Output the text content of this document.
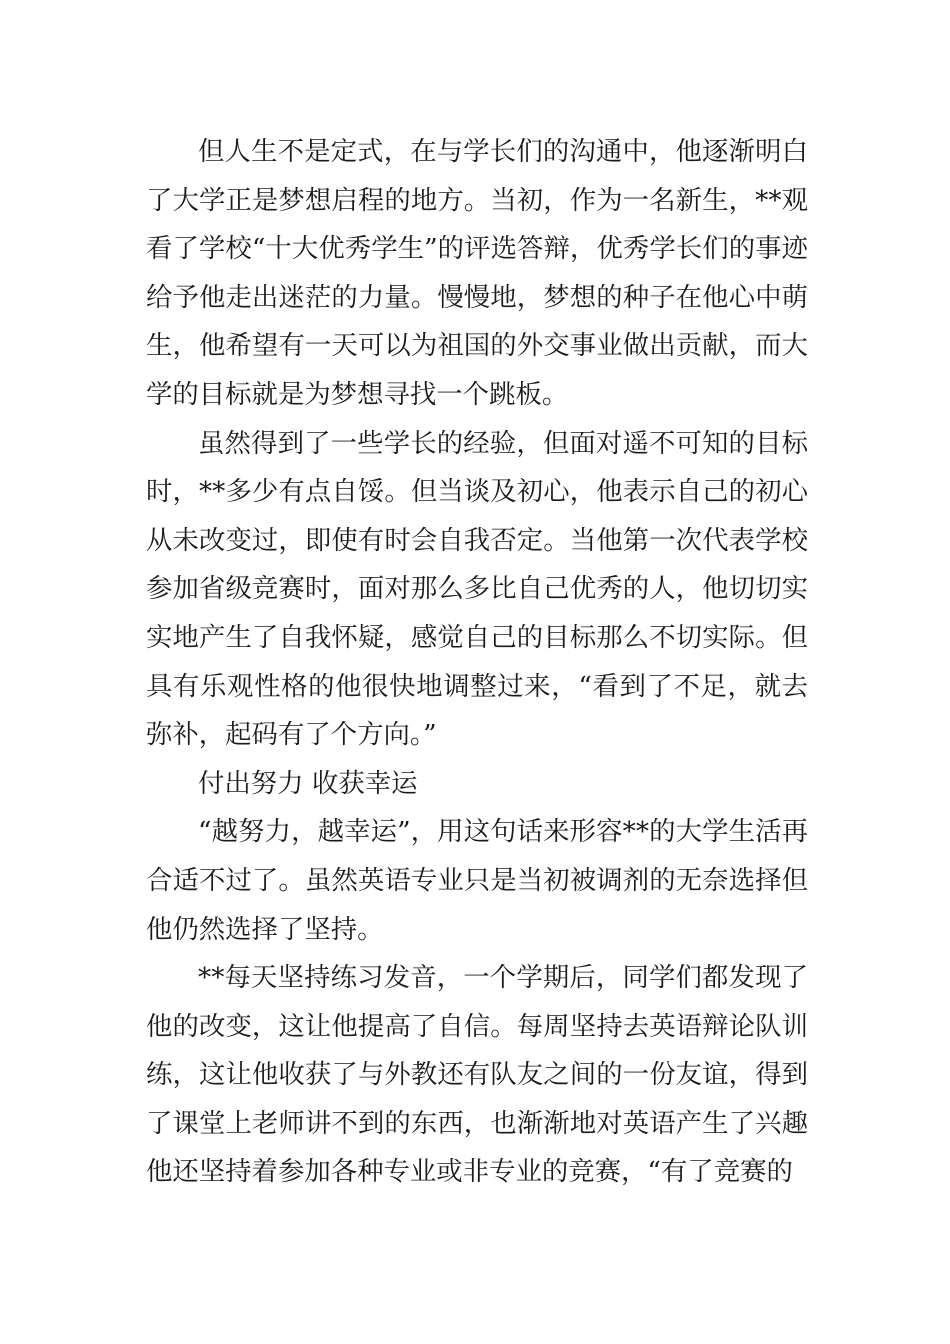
但人生不是定式，在与学长们的沟通中，他逐渐明白了大学正是梦想启程的地方。当初，作为一名新生，**观看了学校“十大优秀学生”的评选答辩，优秀学长们的事迹给予他走出迷茫的力量。慢慢地，梦想的种子在他心中萌生，他希望有一天可以为祖国的外交事业做出贡献，而大学的目标就是为梦想寻找一个跳板。

虽然得到了一些学长的经验，但面对遥不可知的目标时，**多少有点自馁。但当谈及初心，他表示自己的初心从未改变过，即使有时会自我否定。当他第一次代表学校参加省级竞赛时，面对那么多比自己优秀的人，他切切实实地产生了自我怀疑，感觉自己的目标那么不切实际。但具有乐观性格的他很快地调整过来，“看到了不足，就去弥补，起码有了个方向。”

付出努力 收获幸运

“越努力，越幸运”，用这句话来形容**的大学生活再合适不过了。虽然英语专业只是当初被调剂的无奈选择但他仍然选择了坚持。

**每天坚持练习发音，一个学期后，同学们都发现了他的改变，这让他提高了自信。每周坚持去英语辩论队训练，这让他收获了与外教还有队友之间的一份友谊，得到了课堂上老师讲不到的东西，也渐渐地对英语产生了兴趣他还坚持着参加各种专业或非专业的竞赛，“有了竞赛的
